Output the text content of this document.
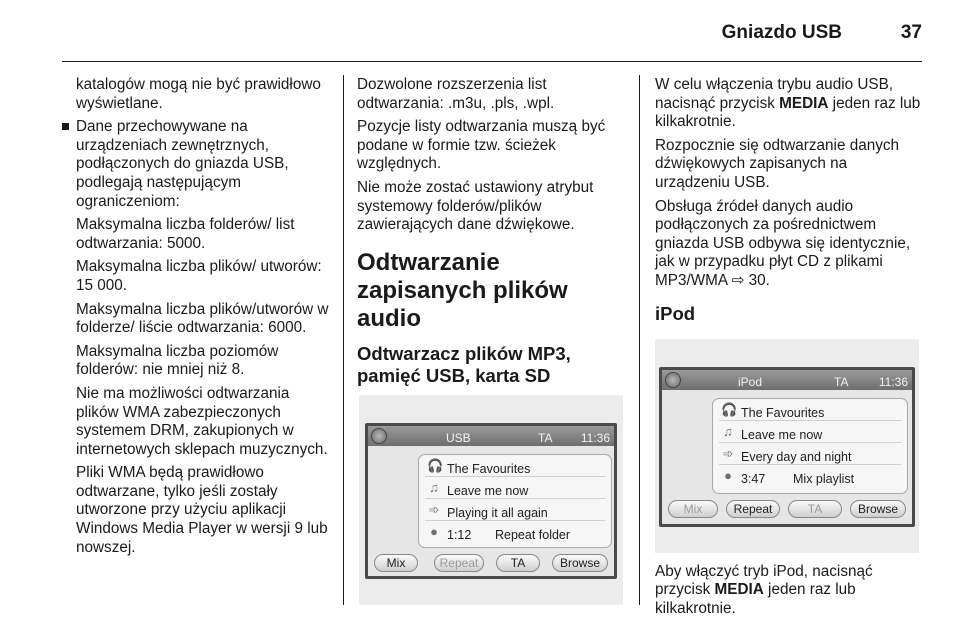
Gniazdo USB	37

katalogów mogą nie być prawidłowo wyświetlane.

Dane przechowywane na urządzeniach zewnętrznych, podłączonych do gniazda USB, podlegają następującym ograniczeniom:

Maksymalna liczba folderów/ list odtwarzania: 5000.

Maksymalna liczba plików/ utworów: 15 000.

Maksymalna liczba plików/utworów w folderze/ liście odtwarzania: 6000.

Maksymalna liczba poziomów folderów: nie mniej niż 8.

Nie ma możliwości odtwarzania plików WMA zabezpieczonych systemem DRM, zakupionych w internetowych sklepach muzycznych.

Pliki WMA będą prawidłowo odtwarzane, tylko jeśli zostały utworzone przy użyciu aplikacji Windows Media Player w wersji 9 lub nowszej.

Dozwolone rozszerzenia list odtwarzania: .m3u, .pls, .wpl.

Pozycje listy odtwarzania muszą być podane w formie tzw. ścieżek względnych.

Nie może zostać ustawiony atrybut systemowy folderów/plików zawierających dane dźwiękowe.

Odtwarzanie zapisanych plików audio
Odtwarzacz plików MP3, pamięć USB, karta SD
USB	TA 11:36
🎧 The Favourites
♫ Leave me now
➾ Playing it all again
● 1:12 Repeat folder
Mix	Repeat	TA	Browse

W celu włączenia trybu audio USB, nacisnąć przycisk MEDIA jeden raz lub kilkakrotnie.

Rozpocznie się odtwarzanie danych dźwiękowych zapisanych na urządzeniu USB.

Obsługa źródeł danych audio podłączonych za pośrednictwem gniazda USB odbywa się identycznie, jak w przypadku płyt CD z plikami MP3/WMA ⇨ 30.

iPod
iPod	TA	11:36
🎧 The Favourites
♫ Leave me now
➾ Every day and night
● 3:47 Mix playlist
Mix	Repeat	TA	Browse

Aby włączyć tryb iPod, nacisnąć przycisk MEDIA jeden raz lub kilkakrotnie.
